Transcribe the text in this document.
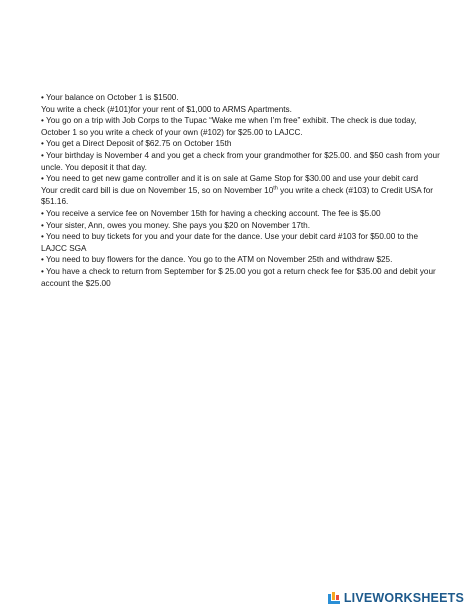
• Your balance on October 1 is $1500.

You write a check (#101)for your rent of $1,000 to ARMS Apartments.

• You go on a trip with Job Corps to the Tupac “Wake me when I’m free” exhibit. The check is due today, October 1 so you write a check of your own (#102) for $25.00 to LAJCC.

• You get a Direct Deposit of $62.75 on October 15th

• Your birthday is November 4 and you get a check from your grandmother for $25.00. and $50 cash from your uncle. You deposit it that day.

• You need to get new game controller and it is on sale at Game Stop for $30.00 and use your debit card

Your credit card bill is due on November 15, so on November 10th you write a check (#103) to Credit USA for $51.16.

• You receive a service fee on November 15th for having a checking account. The fee is $5.00

• Your sister, Ann, owes you money. She pays you $20 on November 17th.

• You need to buy tickets for you and your date for the dance. Use your debit card #103 for $50.00 to the LAJCC SGA

• You need to buy flowers for the dance. You go to the ATM on November 25th and withdraw $25.

• You have a check to return from September for $ 25.00 you got a return check fee for $35.00 and debit your account the $25.00

LIVEWORKSHEETS
